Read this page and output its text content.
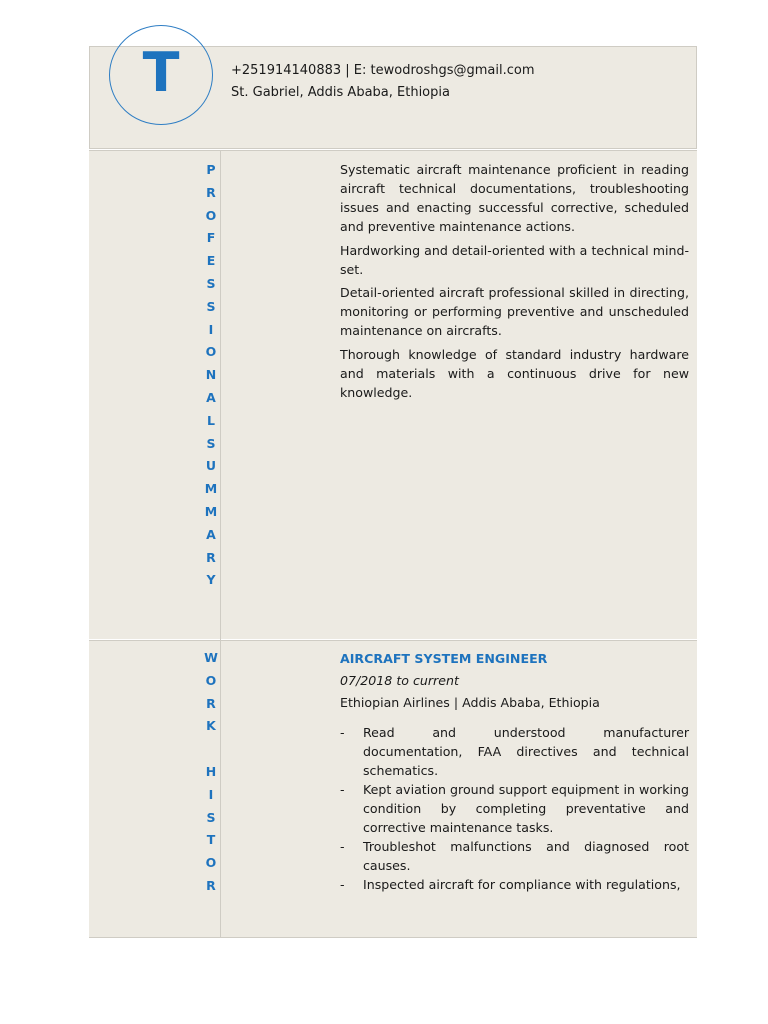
T	+251914140883 | E: tewodroshgs@gmail.com
St. Gabriel, Addis Ababa, Ethiopia
P
R
O
F
E
S
S
I
O
N
A
L
S
U
M
M
A
R
Y

Systematic aircraft maintenance proficient in reading aircraft technical documentations, troubleshooting issues and enacting successful corrective, scheduled and preventive maintenance actions.

Hardworking and detail-oriented with a technical mind-set.

Detail-oriented aircraft professional skilled in directing, monitoring or performing preventive and unscheduled maintenance on aircrafts.

Thorough knowledge of standard industry hardware and materials with a continuous drive for new knowledge.

W
O
R
K
H
I
S
T
O
R
AIRCRAFT SYSTEM ENGINEER
07/2018 to current
Ethiopian Airlines | Addis Ababa, Ethiopia
- Read and understood manufacturer documentation, FAA directives and technical schematics.
- Kept aviation ground support equipment in working condition by completing preventative and corrective maintenance tasks.
- Troubleshot malfunctions and diagnosed root causes.
- Inspected aircraft for compliance with regulations,
